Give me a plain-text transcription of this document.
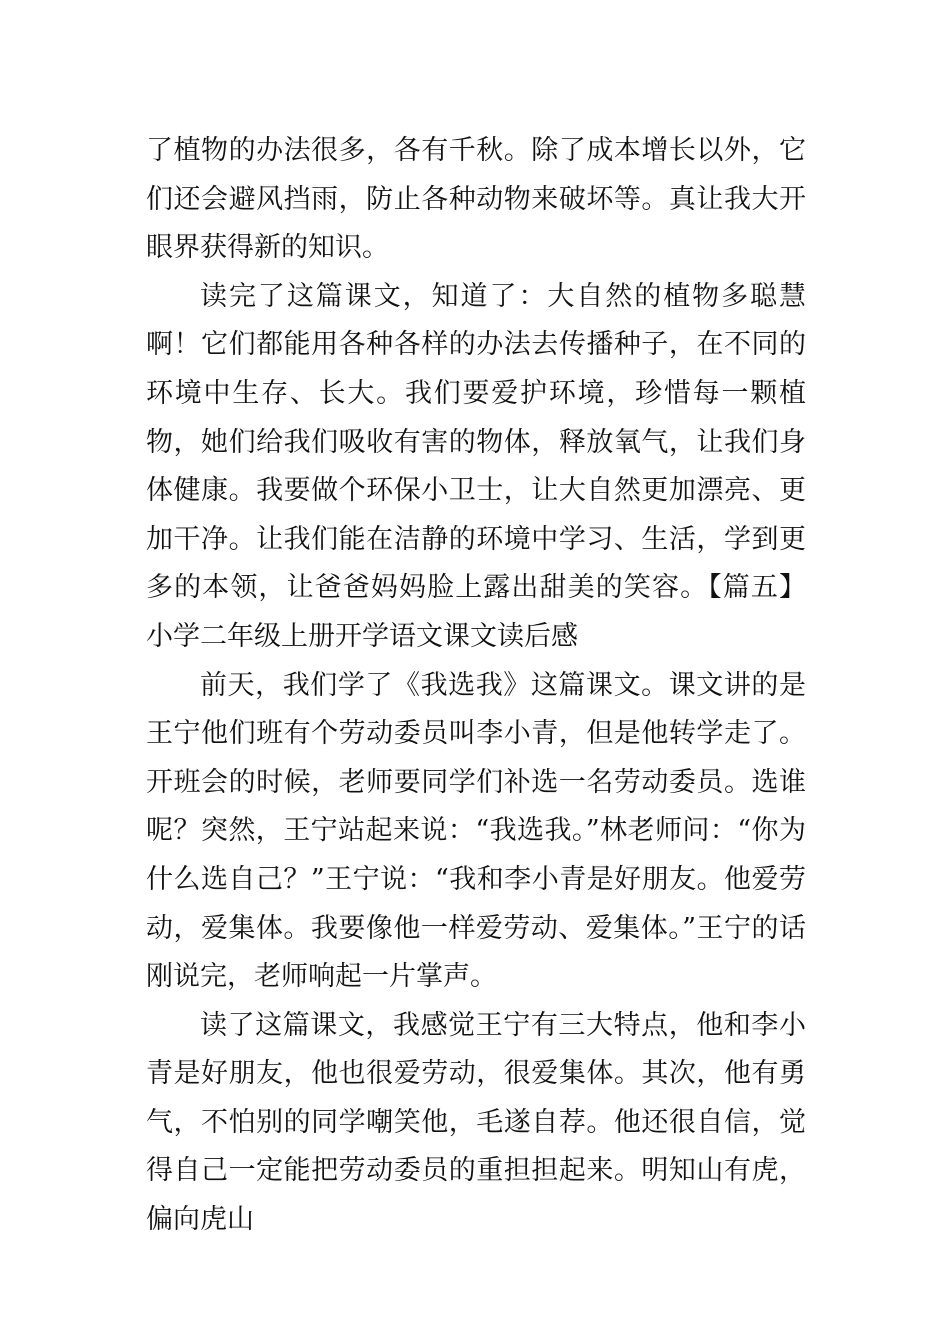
了植物的办法很多，各有千秋。除了成本增长以外，它们还会避风挡雨，防止各种动物来破坏等。真让我大开眼界获得新的知识。

读完了这篇课文，知道了：大自然的植物多聪慧啊！它们都能用各种各样的办法去传播种子，在不同的环境中生存、长大。我们要爱护环境，珍惜每一颗植物，她们给我们吸收有害的物体，释放氧气，让我们身体健康。我要做个环保小卫士，让大自然更加漂亮、更加干净。让我们能在洁静的环境中学习、生活，学到更多的本领，让爸爸妈妈脸上露出甜美的笑容。【篇五】小学二年级上册开学语文课文读后感

前天，我们学了《我选我》这篇课文。课文讲的是王宁他们班有个劳动委员叫李小青，但是他转学走了。开班会的时候，老师要同学们补选一名劳动委员。选谁呢？突然，王宁站起来说：“我选我。”林老师问：“你为什么选自己？”王宁说：“我和李小青是好朋友。他爱劳动，爱集体。我要像他一样爱劳动、爱集体。”王宁的话刚说完，老师响起一片掌声。

读了这篇课文，我感觉王宁有三大特点，他和李小青是好朋友，他也很爱劳动，很爱集体。其次，他有勇气，不怕别的同学嘲笑他，毛遂自荐。他还很自信，觉得自己一定能把劳动委员的重担担起来。明知山有虎，偏向虎山
